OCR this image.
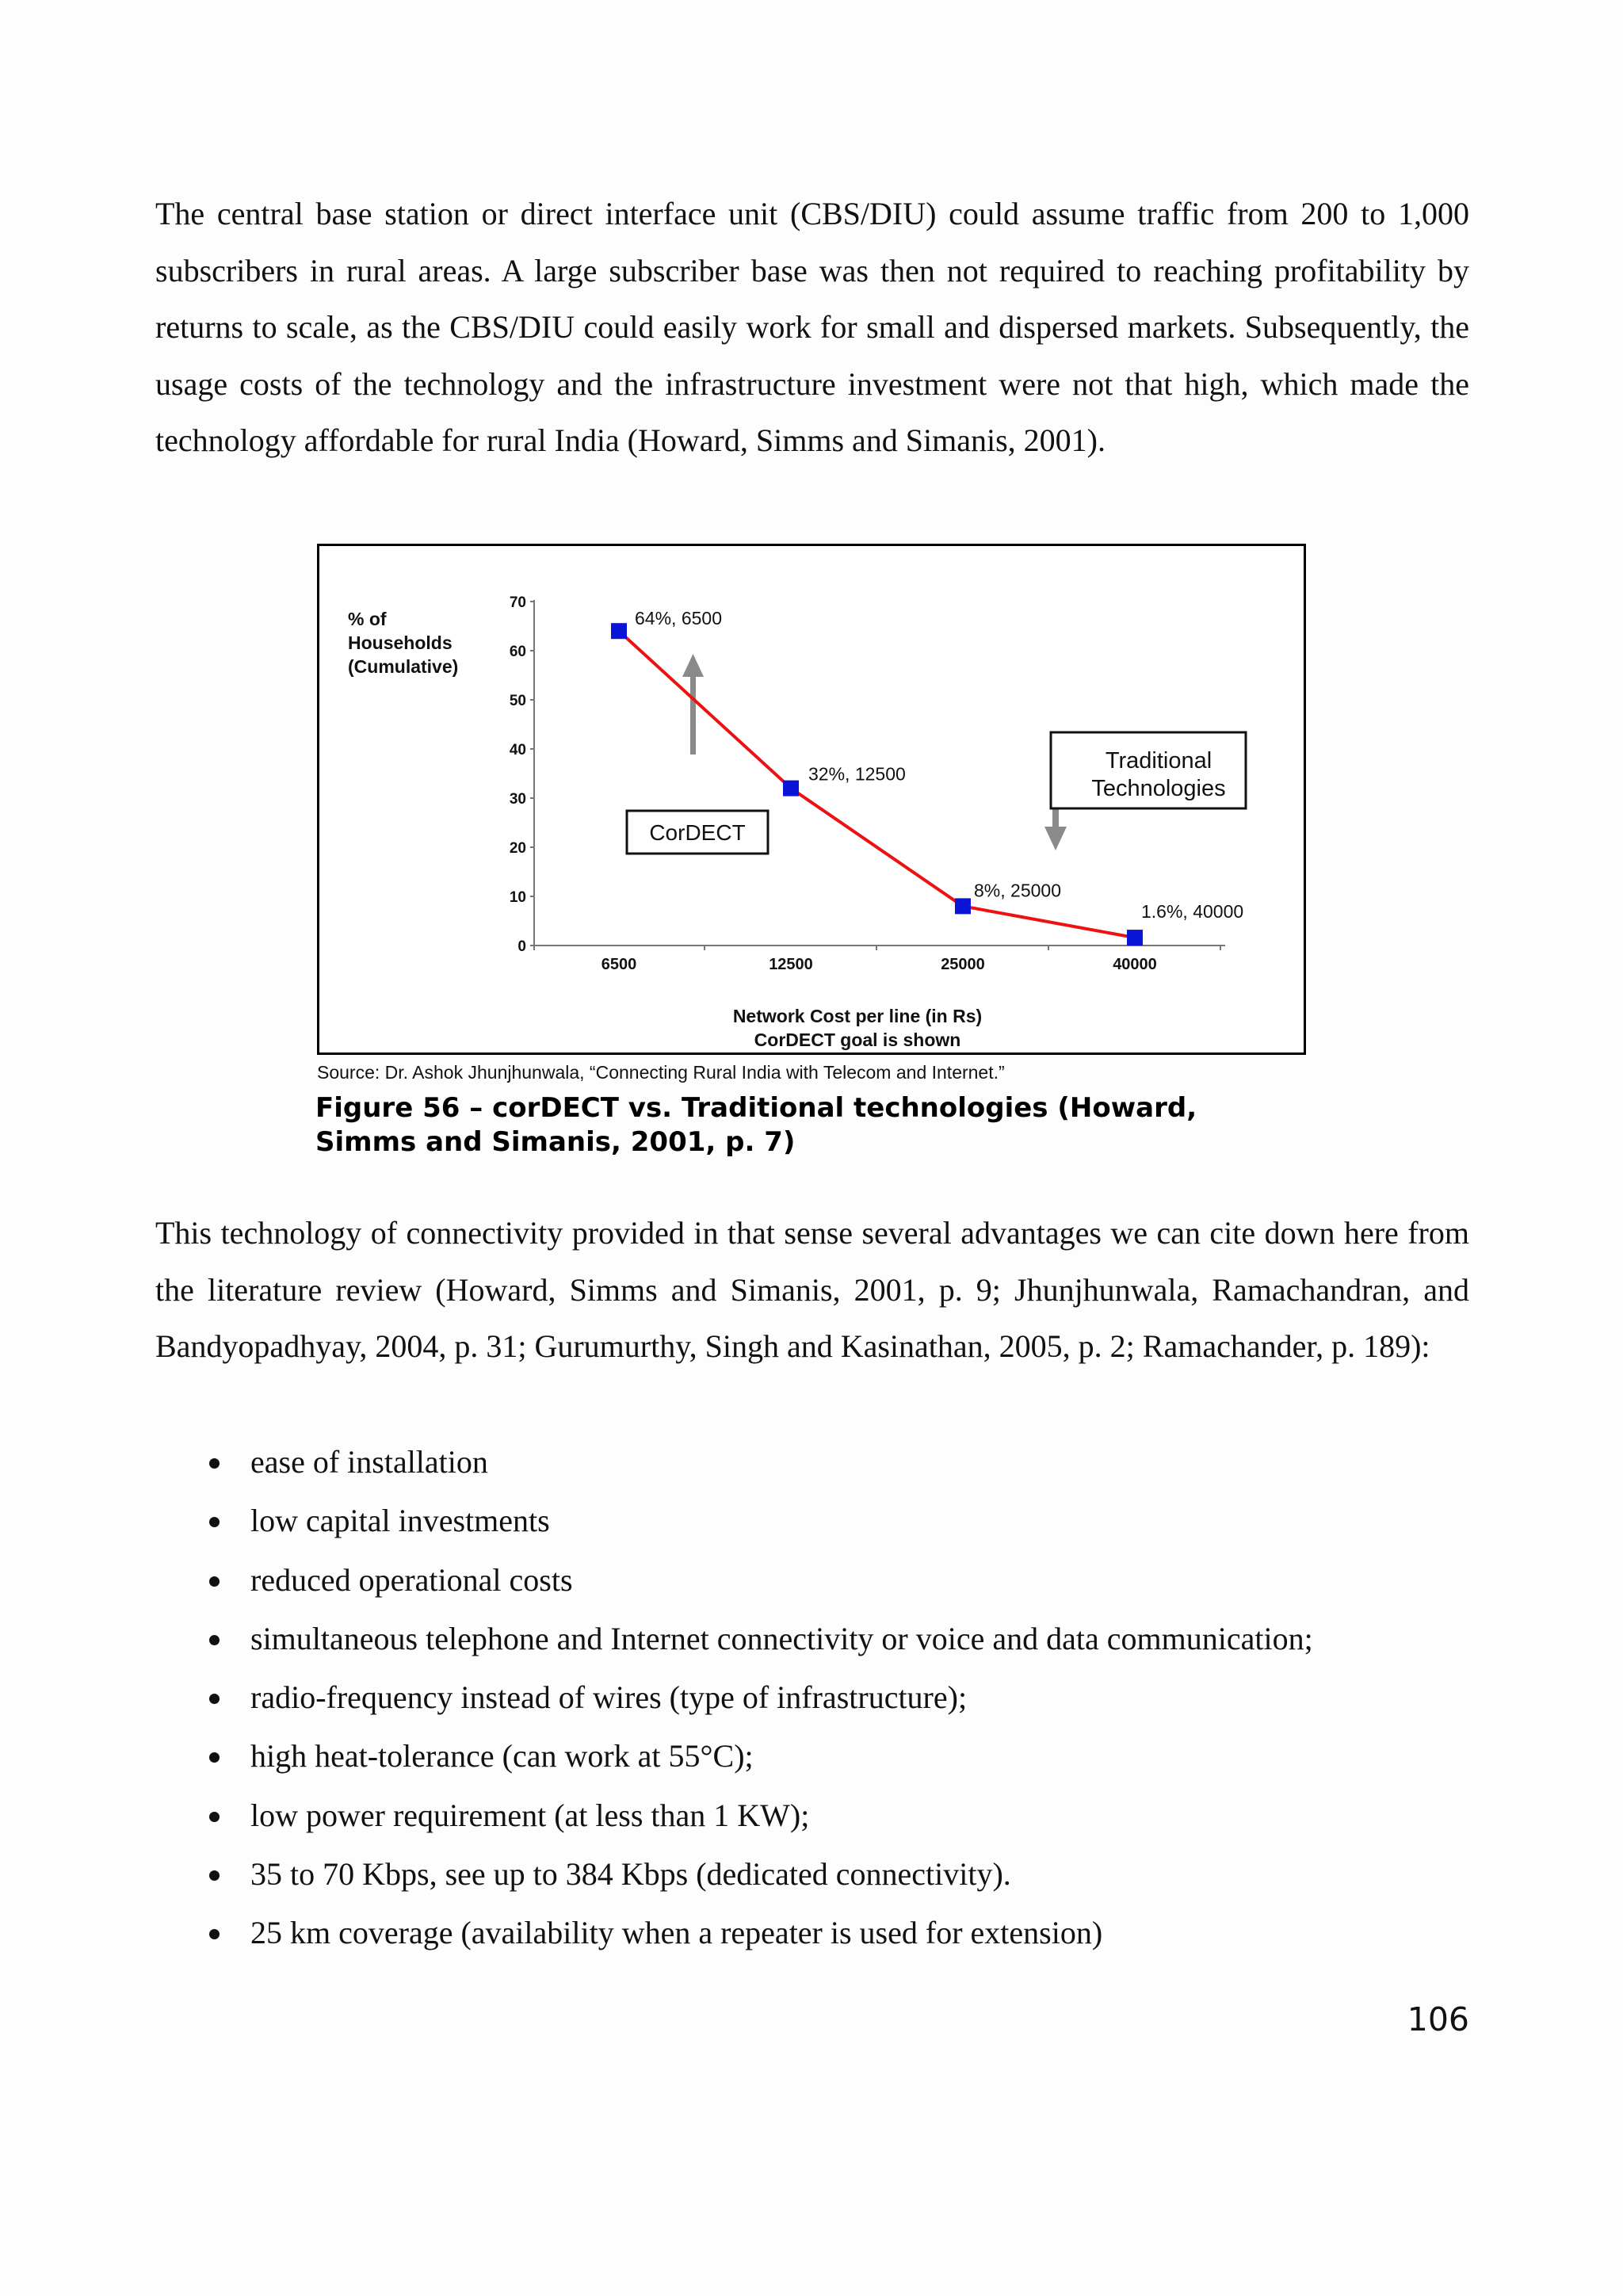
The central base station or direct interface unit (CBS/DIU) could assume traffic from 200 to 1,000 subscribers in rural areas. A large subscriber base was then not required to reaching profitability by returns to scale, as the CBS/DIU could easily work for small and dispersed markets. Subsequently, the usage costs of the technology and the infrastructure investment were not that high, which made the technology affordable for rural India (Howard, Simms and Simanis, 2001).

% of
Households
(Cumulative)
Network Cost per line (in Rs)
CorDECT goal is shown
0
10
20
30
40
50
60
70
6500	12500	25000	40000
CorDECT
Traditional
Technologies
64%, 6500
32%, 12500
8%, 25000
1.6%, 40000

Source: Dr. Ashok Jhunjhunwala, “Connecting Rural India with Telecom and Internet.”

Figure 56 – corDECT vs. Traditional technologies (Howard,
Simms and Simanis, 2001, p. 7)

This technology of connectivity provided in that sense several advantages we can cite down here from the literature review (Howard, Simms and Simanis, 2001, p. 9; Jhunjhunwala, Ramachandran, and Bandyopadhyay, 2004, p. 31; Gurumurthy, Singh and Kasinathan, 2005, p. 2; Ramachander, p. 189):

ease of installation
low capital investments
reduced operational costs
simultaneous telephone and Internet connectivity or voice and data communication;
radio-frequency instead of wires (type of infrastructure);
high heat-tolerance (can work at 55°C);
low power requirement (at less than 1 KW);
35 to 70 Kbps, see up to 384 Kbps (dedicated connectivity).
25 km coverage (availability when a repeater is used for extension)
106
